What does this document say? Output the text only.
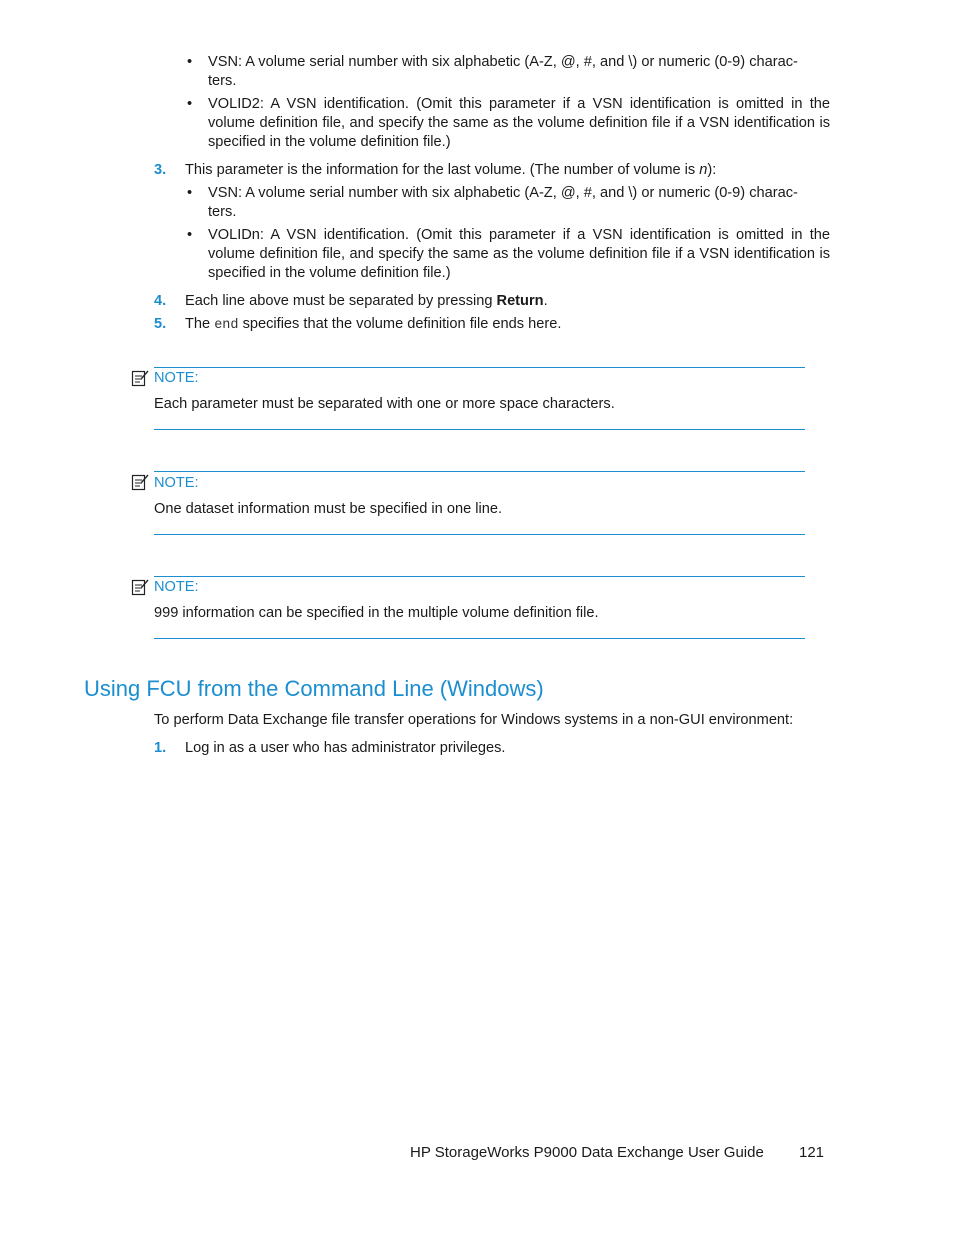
• VSN: A volume serial number with six alphabetic (A-Z, @, #, and \) or numeric (0-9) charac-
ters.
• VOLID2: A VSN identification. (Omit this parameter if a VSN identification is omitted in the volume definition file, and specify the same as the volume definition file if a VSN identification is specified in the volume definition file.)
3. This parameter is the information for the last volume. (The number of volume is n):
• VSN: A volume serial number with six alphabetic (A-Z, @, #, and \) or numeric (0-9) charac-
ters.
• VOLIDn: A VSN identification. (Omit this parameter if a VSN identification is omitted in the volume definition file, and specify the same as the volume definition file if a VSN identification is specified in the volume definition file.)
4. Each line above must be separated by pressing Return.
5. The end specifies that the volume definition file ends here.
NOTE:
Each parameter must be separated with one or more space characters.
NOTE:
One dataset information must be specified in one line.
NOTE:
999 information can be specified in the multiple volume definition file.
Using FCU from the Command Line (Windows)
To perform Data Exchange file transfer operations for Windows systems in a non-GUI environment:
1. Log in as a user who has administrator privileges.
HP StorageWorks P9000 Data Exchange User Guide 121
